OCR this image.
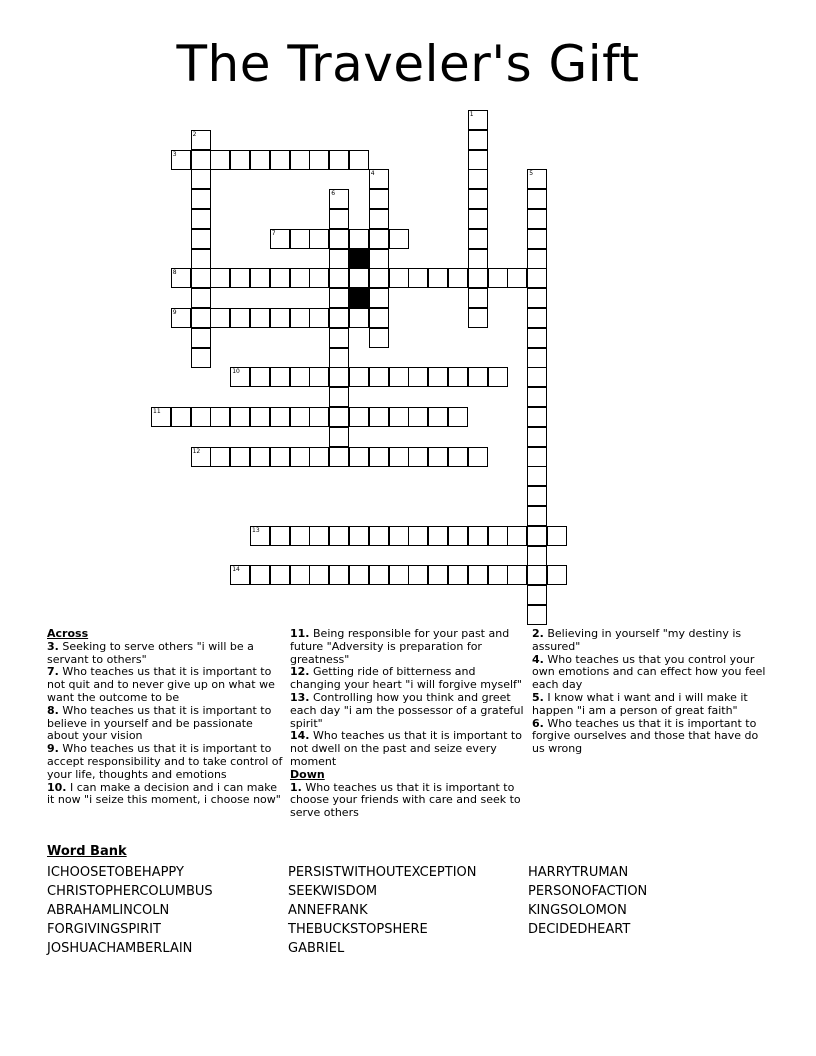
The Traveler's Gift
1
2
3
4	5
6
7
8
9
10
11
12
13
14
Across

3. Seeking to serve others "i will be a servant to others"

7. Who teaches us that it is important to not quit and to never give up on what we want the outcome to be

8. Who teaches us that it is important to believe in yourself and be passionate about your vision

9. Who teaches us that it is important to accept responsibility and to take control of your life, thoughts and emotions

10. I can make a decision and i can make it now "i seize this moment, i choose now"

11. Being responsible for your past and future "Adversity is preparation for greatness"

12. Getting ride of bitterness and changing your heart "i will forgive myself"

13. Controlling how you think and greet each day "i am the possessor of a grateful spirit"

14. Who teaches us that it is important to not dwell on the past and seize every moment

Down

1. Who teaches us that it is important to choose your friends with care and seek to serve others

2. Believing in yourself "my destiny is assured"

4. Who teaches us that you control your own emotions and can effect how you feel each day

5. I know what i want and i will make it happen "i am a person of great faith"

6. Who teaches us that it is important to forgive ourselves and those that have do us wrong

Word Bank
ICHOOSETOBEHAPPY
CHRISTOPHERCOLUMBUS
ABRAHAMLINCOLN
FORGIVINGSPIRIT
JOSHUACHAMBERLAIN
PERSISTWITHOUTEXCEPTION
SEEKWISDOM
ANNEFRANK
THEBUCKSTOPSHERE
GABRIEL
HARRYTRUMAN
PERSONOFACTION
KINGSOLOMON
DECIDEDHEART
